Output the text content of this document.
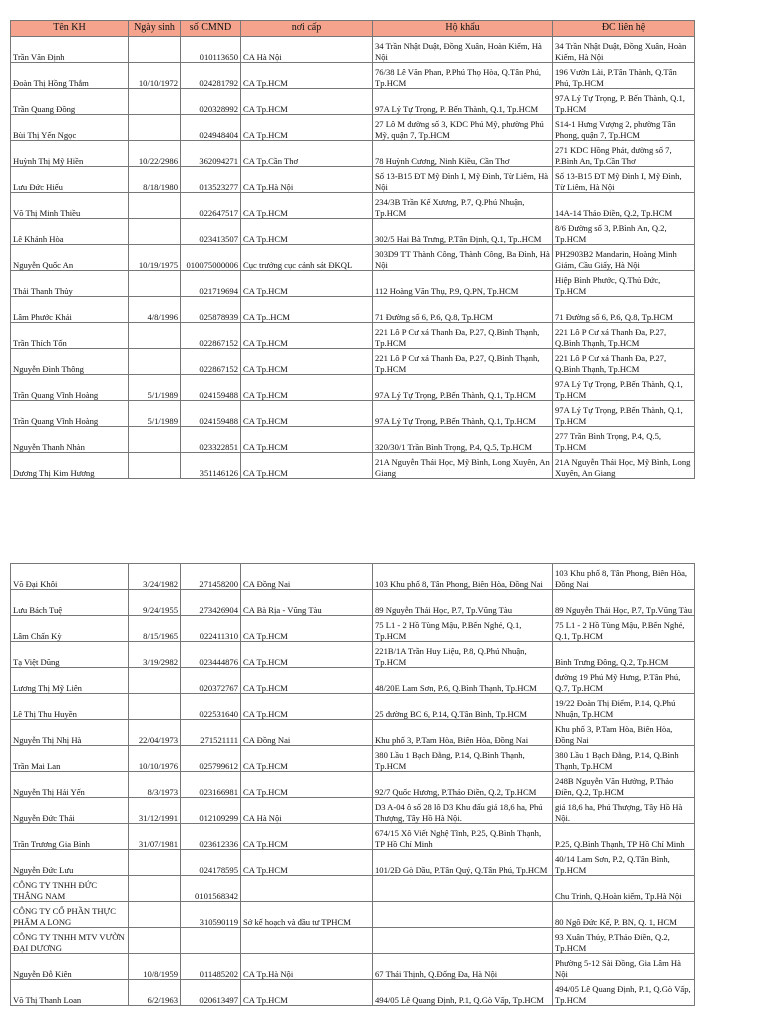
Tên KH	Ngày sinh	số CMND	nơi cấp	Hộ khẩu	ĐC liên hệ
Trần Văn Định		010113650	CA Hà Nội	34 Trần Nhật Duật, Đồng Xuân, Hoàn Kiếm, Hà Nội	34 Trần Nhật Duật, Đồng Xuân, Hoàn Kiếm, Hà Nội
Đoàn Thị Hồng Thắm	10/10/1972	024281792	CA Tp.HCM	76/38 Lê Văn Phan, P.Phú Thọ Hòa, Q.Tân Phú, Tp.HCM	196 Vườn Lài, P.Tân Thành, Q.Tân Phú, Tp.HCM
Trần Quang Đồng		020328992	CA Tp.HCM	97A Lý Tự Trọng, P. Bến Thành, Q.1, Tp.HCM	97A Lý Tự Trọng, P. Bến Thành, Q.1, Tp.HCM
Bùi Thị Yến Ngọc		024948404	CA Tp.HCM	27 Lô M đường số 3, KDC Phú Mỹ, phường Phú Mỹ, quận 7, Tp.HCM	S14-1 Hưng Vượng 2, phường Tân Phong, quận 7, Tp.HCM
Huỳnh Thị Mỹ Hiền	10/22/2986	362094271	CA Tp.Cần Thơ	78 Huỳnh Cương, Ninh Kiều, Cần Thơ	271 KDC Hồng Phát, đường số 7, P.Bình An, Tp.Cần Thơ
Lưu Đức Hiếu	8/18/1980	013523277	CA Tp.Hà Nội	Số 13-B15 ĐT Mỹ Đình I, Mỹ Đình, Từ Liêm, Hà Nội	Số 13-B15 ĐT Mỹ Đình I, Mỹ Đình, Từ Liêm, Hà Nội
Võ Thị Minh Thiều		022647517	CA Tp.HCM	234/3B Trần Kế Xương, P.7, Q.Phú Nhuận, Tp.HCM	14A-14 Thảo Điền, Q.2, Tp.HCM
Lê Khánh Hòa		023413507	CA Tp.HCM	302/5 Hai Bà Trưng, P.Tân Định, Q.1, Tp..HCM	8/6 Đường số 3, P.Bình An, Q.2, Tp.HCM
Nguyễn Quốc An	10/19/1975	010075000006	Cục trưởng cục cảnh sát ĐKQL	303D9 TT Thành Công, Thành Công, Ba Đình, Hà Nội	PH2903B2 Mandarin, Hoàng Minh Giám, Cầu Giấy, Hà Nội
Thái Thanh Thủy		021719694	CA Tp.HCM	112 Hoàng Văn Thụ, P.9, Q.PN, Tp.HCM	Hiệp Bình Phước, Q.Thủ Đức, Tp.HCM
Lâm Phước Khải	4/8/1996	025878939	CA Tp..HCM	71 Đường số 6, P.6, Q.8, Tp.HCM	71 Đường số 6, P.6, Q.8, Tp.HCM
Trần Thích Tốn		022867152	CA Tp.HCM	221 Lô P Cư xá Thanh Đa, P.27, Q.Bình Thạnh, Tp.HCM	221 Lô P Cư xá Thanh Đa, P.27, Q.Bình Thạnh, Tp.HCM
Nguyễn Đình Thông		022867152	CA Tp.HCM	221 Lô P Cư xá Thanh Đa, P.27, Q.Bình Thạnh, Tp.HCM	221 Lô P Cư xá Thanh Đa, P.27, Q.Bình Thạnh, Tp.HCM
Trần Quang Vĩnh Hoàng	5/1/1989	024159488	CA Tp.HCM	97A Lý Tự Trọng, P.Bến Thành, Q.1, Tp.HCM	97A Lý Tự Trọng, P.Bến Thành, Q.1, Tp.HCM
Trần Quang Vĩnh Hoàng	5/1/1989	024159488	CA Tp.HCM	97A Lý Tự Trọng, P.Bến Thành, Q.1, Tp.HCM	97A Lý Tự Trọng, P.Bến Thành, Q.1, Tp.HCM
Nguyễn Thanh Nhàn		023322851	CA Tp.HCM	320/30/1 Trần Bình Trọng, P.4, Q.5, Tp.HCM	277 Trần Bình Trọng, P.4, Q.5, Tp.HCM
Dương Thị Kim Hương		351146126	CA Tp.HCM	21A Nguyễn Thái Học, Mỹ Bình, Long Xuyên, An Giang	21A Nguyễn Thái Học, Mỹ Bình, Long Xuyên, An Giang
Võ Đại Khôi	3/24/1982	271458200	CA Đồng Nai	103 Khu phố 8, Tân Phong, Biên Hòa, Đồng Nai	103 Khu phố 8, Tân Phong, Biên Hòa, Đồng Nai
Lưu Bách Tuệ	9/24/1955	273426904	CA Bà Rịa - Vũng Tàu	89 Nguyễn Thái Học, P.7, Tp.Vũng Tàu	89 Nguyễn Thái Học, P.7, Tp.Vũng Tàu
Lâm Chấn Kỳ	8/15/1965	022411310	CA Tp.HCM	75 L1 - 2 Hồ Tùng Mậu, P.Bến Nghé, Q.1, Tp.HCM	75 L1 - 2 Hồ Tùng Mậu, P.Bến Nghé, Q.1, Tp.HCM
Tạ Việt Dũng	3/19/2982	023444876	CA Tp.HCM	221B/1A Trần Huy Liệu, P.8, Q.Phú Nhuận, Tp.HCM	Bình Trưng Đông, Q.2, Tp.HCM
Lương Thị Mỹ Liên		020372767	CA Tp.HCM	48/20E Lam Sơn, P.6, Q.Bình Thạnh, Tp.HCM	đường 19 Phú Mỹ Hưng, P.Tân Phú, Q.7, Tp.HCM
Lê Thị Thu Huyền		022531640	CA Tp.HCM	25 đường BC 6, P.14, Q.Tân Bình, Tp.HCM	19/22 Đoàn Thị Điểm, P.14, Q.Phú Nhuận, Tp.HCM
Nguyễn Thị Nhị Hà	22/04/1973	271521111	CA Đồng Nai	Khu phố 3, P.Tam Hòa, Biên Hòa, Đồng Nai	Khu phố 3, P.Tam Hòa, Biên Hòa, Đồng Nai
Trần Mai Lan	10/10/1976	025799612	CA Tp.HCM	380 Lầu 1 Bạch Đằng, P.14, Q.Bình Thạnh, Tp.HCM	380 Lầu 1 Bạch Đằng, P.14, Q.Bình Thạnh, Tp.HCM
Nguyễn Thị Hải Yến	8/3/1973	023166981	CA Tp.HCM	92/7 Quốc Hương, P.Thảo Điền, Q.2, Tp.HCM	248B Nguyễn Văn Hưởng, P.Thảo Điền, Q.2, Tp.HCM
Nguyễn Đức Thái	31/12/1991	012109299	CA Hà Nội	D3 A-04 ô số 28 lô D3 Khu đấu giá 18,6 ha, Phú Thượng, Tây Hồ Hà Nội.	giá 18,6 ha, Phú Thượng, Tây Hồ Hà Nội.
Trần Trương Gia Bình	31/07/1981	023612336	CA Tp.HCM	674/15 Xô Viết Nghệ Tĩnh, P.25, Q.Bình Thạnh, TP Hồ Chí Minh	P.25, Q.Bình Thạnh, TP Hồ Chí Minh
Nguyễn Đức Lưu		024178595	CA Tp.HCM	101/2Đ Gò Dầu, P.Tân Quý, Q.Tân Phú, Tp.HCM	40/14 Lam Sơn, P.2, Q.Tân Bình, Tp.HCM
CÔNG TY TNHH ĐỨC THẮNG NAM		0101568342			Chu Trinh, Q.Hoàn kiếm, Tp.Hà Nội
CÔNG TY CỔ PHẦN THỰC PHẨM A LONG		310590119	Sở kế hoạch và đầu tư TPHCM		80 Ngô Đức Kế, P. BN, Q. 1, HCM
CÔNG TY TNHH MTV VƯỜN ĐẠI DƯƠNG					93 Xuân Thủy, P.Thảo Điền, Q.2, Tp.HCM
Nguyễn Đỗ Kiên	10/8/1959	011485202	CA Tp.Hà Nội	67 Thái Thịnh, Q.Đống Đa, Hà Nội	Phường 5-12 Sài Đồng, Gia Lâm Hà Nội
Võ Thị Thanh Loan	6/2/1963	020613497	CA Tp.HCM	494/05 Lê Quang Định, P.1, Q.Gò Vấp, Tp.HCM	494/05 Lê Quang Định, P.1, Q.Gò Vấp, Tp.HCM
